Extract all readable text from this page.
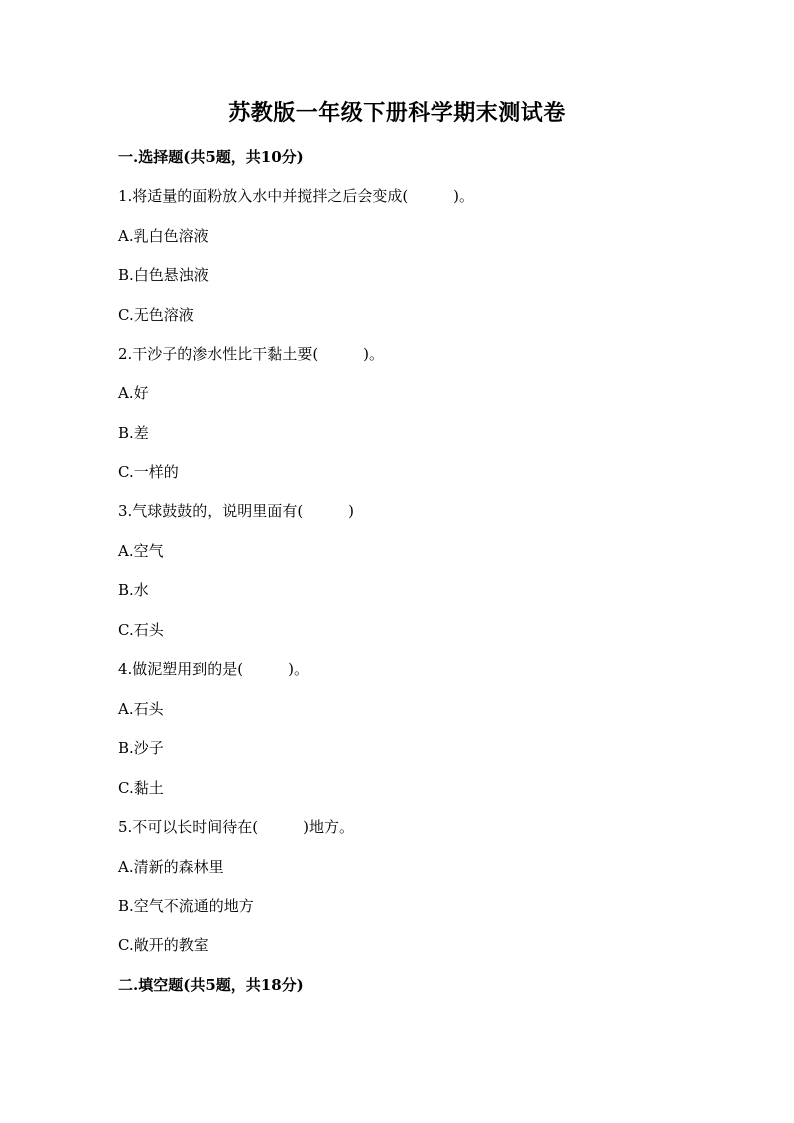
苏教版一年级下册科学期末测试卷
一.选择题(共5题，共10分)
1.将适量的面粉放入水中并搅拌之后会变成(　　　)。
A.乳白色溶液
B.白色悬浊液
C.无色溶液
2.干沙子的渗水性比干黏土要(　　　)。
A.好
B.差
C.一样的
3.气球鼓鼓的，说明里面有(　　　)
A.空气
B.水
C.石头
4.做泥塑用到的是(　　　)。
A.石头
B.沙子
C.黏土
5.不可以长时间待在(　　　)地方。
A.清新的森林里
B.空气不流通的地方
C.敞开的教室
二.填空题(共5题，共18分)
